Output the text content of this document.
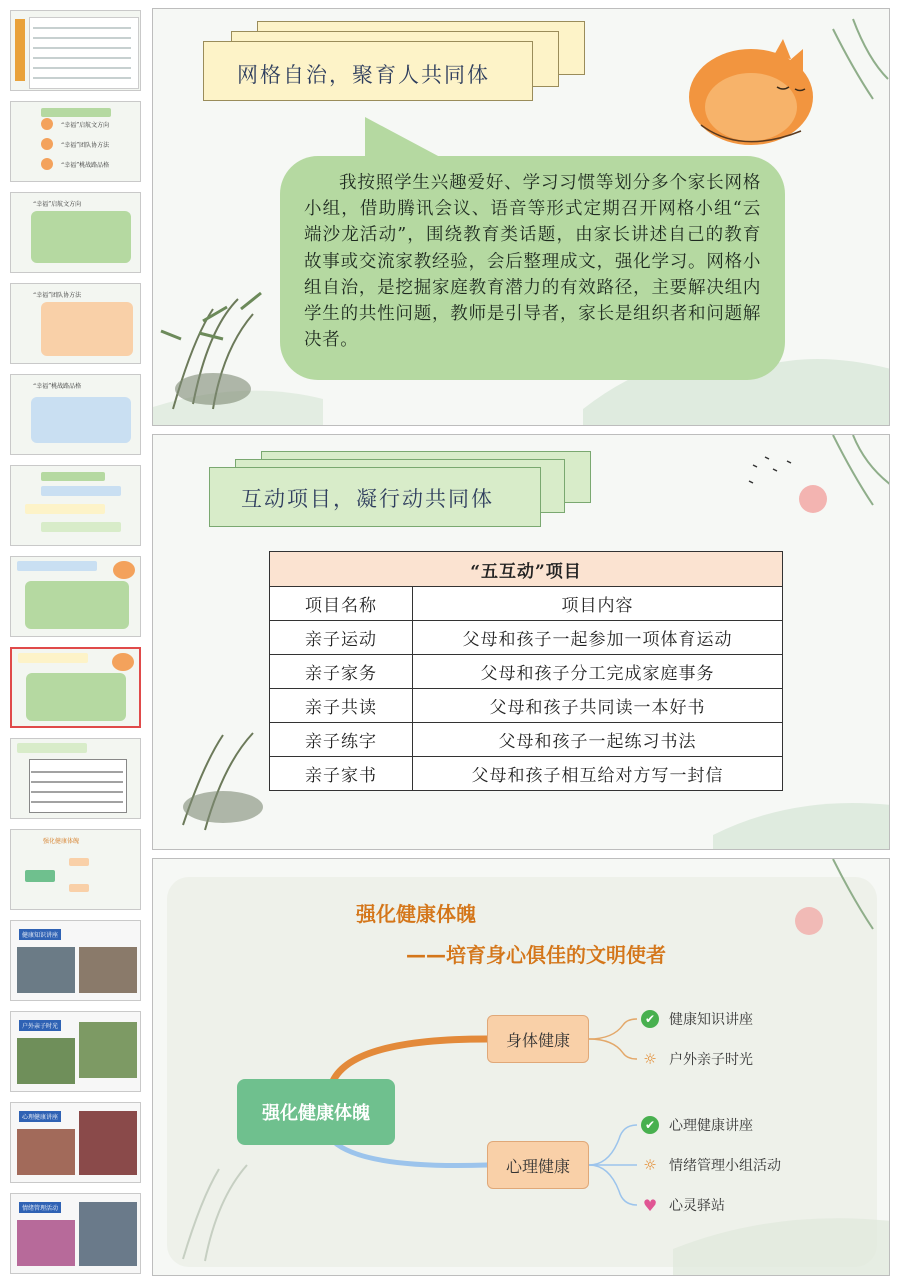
“幸福”启航文方向
“幸福”团队协方法
“幸福”桃战路品格
“幸福”启航文方向
“幸福”团队协方法
“幸福”桃战路品格
强化健康体魄
健康知识讲座
户外亲子时光
心理健康讲座
情绪管理活动
网格自治，聚育人共同体

我按照学生兴趣爱好、学习习惯等划分多个家长网格小组，借助腾讯会议、语音等形式定期召开网格小组“云端沙龙活动”，围绕教育类话题，由家长讲述自己的教育故事或交流家教经验，会后整理成文，强化学习。网格小组自治，是挖掘家庭教育潜力的有效路径，主要解决组内学生的共性问题，教师是引导者，家长是组织者和问题解决者。

互动项目，凝行动共同体
“五互动”项目	
项目名称	项目内容
亲子运动	父母和孩子一起参加一项体育运动
亲子家务	父母和孩子分工完成家庭事务
亲子共读	父母和孩子共同读一本好书
亲子练字	父母和孩子一起练习书法
亲子家书	父母和孩子相互给对方写一封信
强化健康体魄
——培育身心俱佳的文明使者
强化健康体魄
身体健康
心理健康
✔ 健康知识讲座
☼ 户外亲子时光
✔ 心理健康讲座
☼ 情绪管理小组活动
♥ 心灵驿站
